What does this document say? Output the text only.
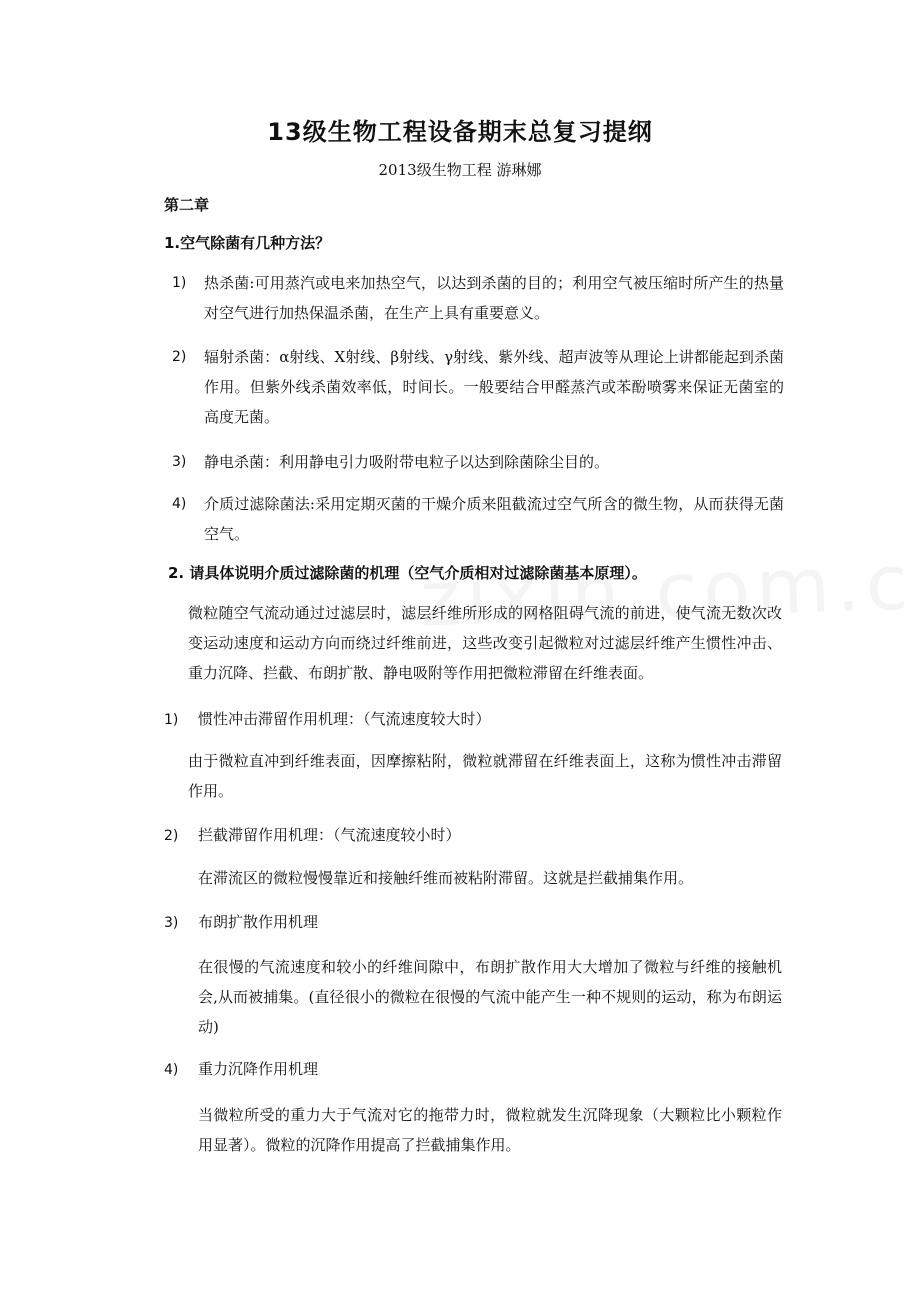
13级生物工程设备期末总复习提纲
2013级生物工程 游琳娜
第二章
1.空气除菌有几种方法？
1) 热杀菌:可用蒸汽或电来加热空气，以达到杀菌的目的；利用空气被压缩时所产生的热量对空气进行加热保温杀菌，在生产上具有重要意义。
2) 辐射杀菌：α射线、X射线、β射线、γ射线、紫外线、超声波等从理论上讲都能起到杀菌作用。但紫外线杀菌效率低，时间长。一般要结合甲醛蒸汽或苯酚喷雾来保证无菌室的高度无菌。
3) 静电杀菌：利用静电引力吸附带电粒子以达到除菌除尘目的。
4) 介质过滤除菌法:采用定期灭菌的干燥介质来阻截流过空气所含的微生物，从而获得无菌空气。
2. 请具体说明介质过滤除菌的机理（空气介质相对过滤除菌基本原理）。
微粒随空气流动通过过滤层时，滤层纤维所形成的网格阻碍气流的前进，使气流无数次改变运动速度和运动方向而绕过纤维前进，这些改变引起微粒对过滤层纤维产生惯性冲击、重力沉降、拦截、布朗扩散、静电吸附等作用把微粒滞留在纤维表面。
1) 惯性冲击滞留作用机理：（气流速度较大时）
由于微粒直冲到纤维表面，因摩擦粘附，微粒就滞留在纤维表面上，这称为惯性冲击滞留作用。
2) 拦截滞留作用机理：（气流速度较小时）
在滞流区的微粒慢慢靠近和接触纤维而被粘附滞留。这就是拦截捕集作用。
3) 布朗扩散作用机理
在很慢的气流速度和较小的纤维间隙中，布朗扩散作用大大增加了微粒与纤维的接触机会,从而被捕集。(直径很小的微粒在很慢的气流中能产生一种不规则的运动，称为布朗运动)
4) 重力沉降作用机理
当微粒所受的重力大于气流对它的拖带力时，微粒就发生沉降现象（大颗粒比小颗粒作用显著）。微粒的沉降作用提高了拦截捕集作用。
